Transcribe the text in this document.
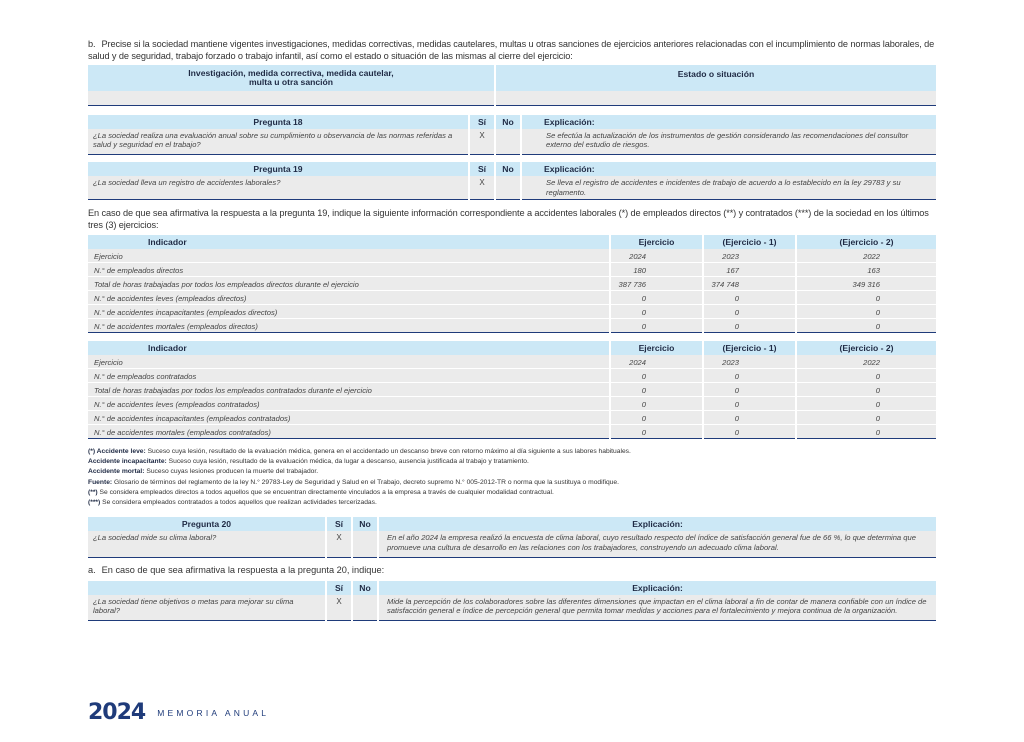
b. Precise si la sociedad mantiene vigentes investigaciones, medidas correctivas, medidas cautelares, multas u otras sanciones de ejercicios anteriores relacionadas con el incumplimiento de normas laborales, de salud y de seguridad, trabajo forzado o trabajo infantil, así como el estado o situación de las mismas al cierre del ejercicio:

Investigación, medida correctiva, medida cautelar,
multa u otra sanción	Estado o situación

Pregunta 18	Sí	No	Explicación:
¿La sociedad realiza una evaluación anual sobre su cumplimiento u observancia de las normas referidas a salud y seguridad en el trabajo?	X		Se efectúa la actualización de los instrumentos de gestión considerando las recomendaciones del consultor externo del estudio de riesgos.
Pregunta 19	Sí	No	Explicación:
¿La sociedad lleva un registro de accidentes laborales?	X		Se lleva el registro de accidentes e incidentes de trabajo de acuerdo a lo establecido en la ley 29783 y su reglamento.

En caso de que sea afirmativa la respuesta a la pregunta 19, indique la siguiente información correspondiente a accidentes laborales (*) de empleados directos (**) y contratados (***) de la sociedad en los últimos tres (3) ejercicios:

Indicador	Ejercicio	(Ejercicio - 1)	(Ejercicio - 2)
Ejercicio	2024	2023	2022
N.° de empleados directos	180	167	163
Total de horas trabajadas por todos los empleados directos durante el ejercicio	387 736	374 748	349 316
N.° de accidentes leves (empleados directos)	0	0	0
N.° de accidentes incapacitantes (empleados directos)	0	0	0
N.° de accidentes mortales (empleados directos)	0	0	0
Indicador	Ejercicio	(Ejercicio - 1)	(Ejercicio - 2)
Ejercicio	2024	2023	2022
N.° de empleados contratados	0	0	0
Total de horas trabajadas por todos los empleados contratados durante el ejercicio	0	0	0
N.° de accidentes leves (empleados contratados)	0	0	0
N.° de accidentes incapacitantes (empleados contratados)	0	0	0
N.° de accidentes mortales (empleados contratados)	0	0	0
(*) Accidente leve: Suceso cuya lesión, resultado de la evaluación médica, genera en el accidentado un descanso breve con retorno máximo al día siguiente a sus labores habituales.
Accidente incapacitante: Suceso cuya lesión, resultado de la evaluación médica, da lugar a descanso, ausencia justificada al trabajo y tratamiento.
Accidente mortal: Suceso cuyas lesiones producen la muerte del trabajador.
Fuente: Glosario de términos del reglamento de la ley N.° 29783-Ley de Seguridad y Salud en el Trabajo, decreto supremo N.° 005-2012-TR o norma que la sustituya o modifique.
(**) Se considera empleados directos a todos aquellos que se encuentran directamente vinculados a la empresa a través de cualquier modalidad contractual.
(***) Se considera empleados contratados a todos aquellos que realizan actividades tercerizadas.
Pregunta 20	Sí	No	Explicación:
¿La sociedad mide su clima laboral?	X		En el año 2024 la empresa realizó la encuesta de clima laboral, cuyo resultado respecto del índice de satisfacción general fue de 66 %, lo que determina que promueve una cultura de desarrollo en las relaciones con los trabajadores, construyendo un adecuado clima laboral.

a. En caso de que sea afirmativa la respuesta a la pregunta 20, indique:

	Sí	No	Explicación:
¿La sociedad tiene objetivos o metas para mejorar su clima laboral?	X		Mide la percepción de los colaboradores sobre las diferentes dimensiones que impactan en el clima laboral a fin de contar de manera confiable con un índice de satisfacción general e índice de percepción general que permita tomar medidas y acciones para el fortalecimiento y mejora continua de la organización.
2024 MEMORIA ANUAL
